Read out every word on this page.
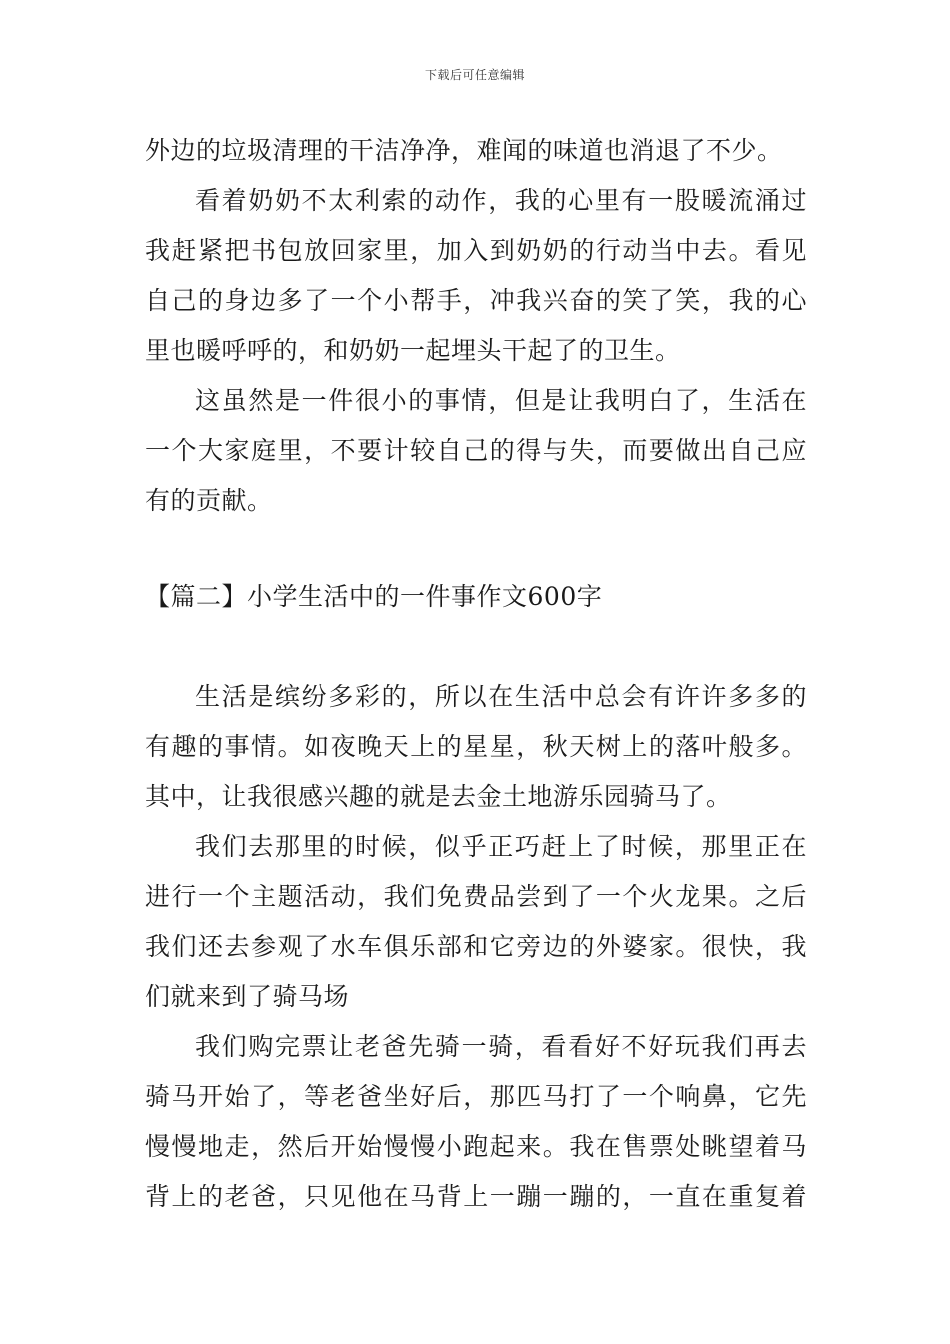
下载后可任意编辑
外边的垃圾清理的干洁净净，难闻的味道也消退了不少。
看着奶奶不太利索的动作，我的心里有一股暖流涌过
我赶紧把书包放回家里，加入到奶奶的行动当中去。看见
自己的身边多了一个小帮手，冲我兴奋的笑了笑，我的心
里也暖呼呼的，和奶奶一起埋头干起了的卫生。
这虽然是一件很小的事情，但是让我明白了，生活在
一个大家庭里，不要计较自己的得与失，而要做出自己应
有的贡献。
【篇二】小学生活中的一件事作文600字
生活是缤纷多彩的，所以在生活中总会有许许多多的
有趣的事情。如夜晚天上的星星，秋天树上的落叶般多。
其中，让我很感兴趣的就是去金土地游乐园骑马了。
我们去那里的时候，似乎正巧赶上了时候，那里正在
进行一个主题活动，我们免费品尝到了一个火龙果。之后
我们还去参观了水车俱乐部和它旁边的外婆家。很快，我
们就来到了骑马场
我们购完票让老爸先骑一骑，看看好不好玩我们再去
骑马开始了，等老爸坐好后，那匹马打了一个响鼻，它先
慢慢地走，然后开始慢慢小跑起来。我在售票处眺望着马
背上的老爸，只见他在马背上一蹦一蹦的，一直在重复着
